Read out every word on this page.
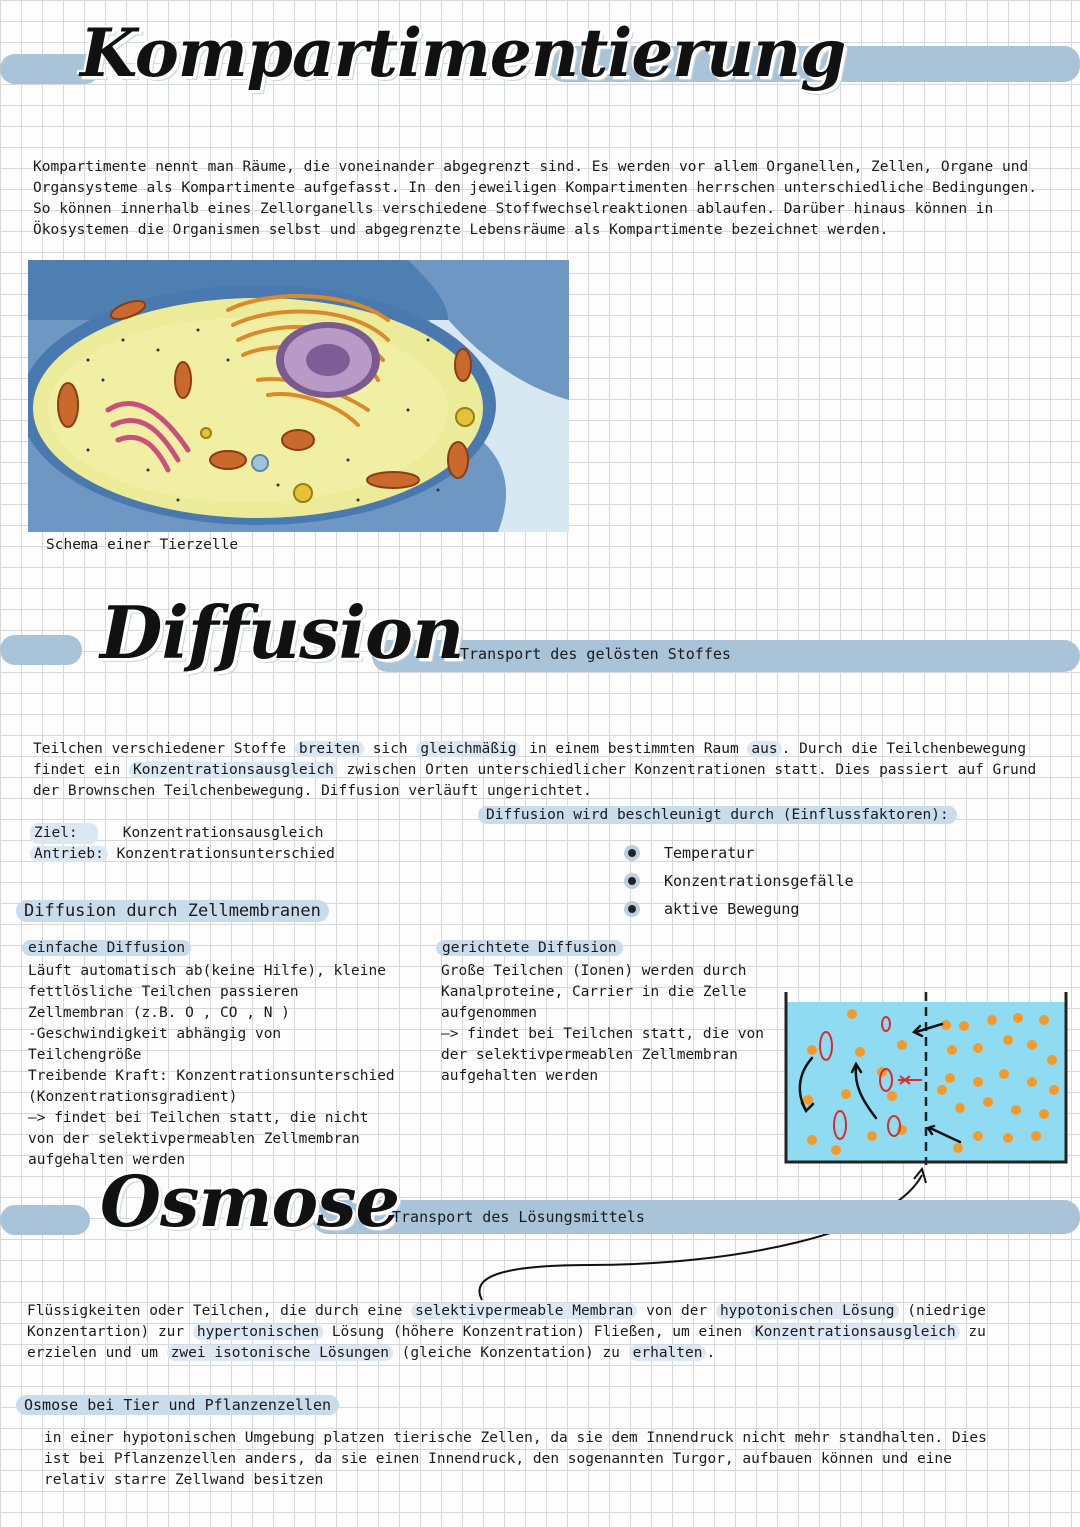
Kompartimentierung
Kompartimente nennt man Räume, die voneinander abgegrenzt sind. Es werden vor allem Organellen, Zellen, Organe und Organsysteme als Kompartimente aufgefasst. In den jeweiligen Kompartimenten herrschen unterschiedliche Bedingungen. So können innerhalb eines Zellorganells verschiedene Stoffwechselreaktionen ablaufen. Darüber hinaus können in Ökosystemen die Organismen selbst und abgegrenzte Lebensräume als Kompartimente bezeichnet werden.
Schema einer Tierzelle
Diffusion
Transport des gelösten Stoffes
Teilchen verschiedener Stoffe breiten sich gleichmäßig in einem bestimmten Raum aus . Durch die Teilchenbewegung findet ein Konzentrationsausgleich zwischen Orten unterschiedlicher Konzentrationen statt. Dies passiert auf Grund der Brownschen Teilchenbewegung. Diffusion verläuft ungerichtet.
Ziel:	Konzentrationsausgleich
Antrieb: Konzentrationsunterschied
Diffusion wird beschleunigt durch (Einflussfaktoren):
Temperatur
Konzentrationsgefälle
aktive Bewegung
Diffusion durch Zellmembranen
einfache Diffusion
Läuft automatisch ab(keine Hilfe), kleine fettlösliche Teilchen passieren Zellmembran (z.B. O , CO , N )
-Geschwindigkeit abhängig von Teilchengröße
Treibende Kraft: Konzentrationsunterschied (Konzentrationsgradient)
—> findet bei Teilchen statt, die nicht von der selektivpermeablen Zellmembran aufgehalten werden
gerichtete Diffusion
Große Teilchen (Ionen) werden durch Kanalproteine, Carrier in die Zelle aufgenommen
—> findet bei Teilchen statt, die von der selektivpermeablen Zellmembran aufgehalten werden
Osmose
Transport des Lösungsmittels
Flüssigkeiten oder Teilchen, die durch eine selektivpermeable Membran von der hypotonischen Lösung (niedrige Konzentartion) zur hypertonischen Lösung (höhere Konzentration) Fließen, um einen Konzentrationsausgleich zu erzielen und um zwei isotonische Lösungen (gleiche Konzentation) zu erhalten .
Osmose bei Tier und Pflanzenzellen
in einer hypotonischen Umgebung platzen tierische Zellen, da sie dem Innendruck nicht mehr standhalten. Dies ist bei Pflanzenzellen anders, da sie einen Innendruck, den sogenannten Turgor, aufbauen können und eine relativ starre Zellwand besitzen
